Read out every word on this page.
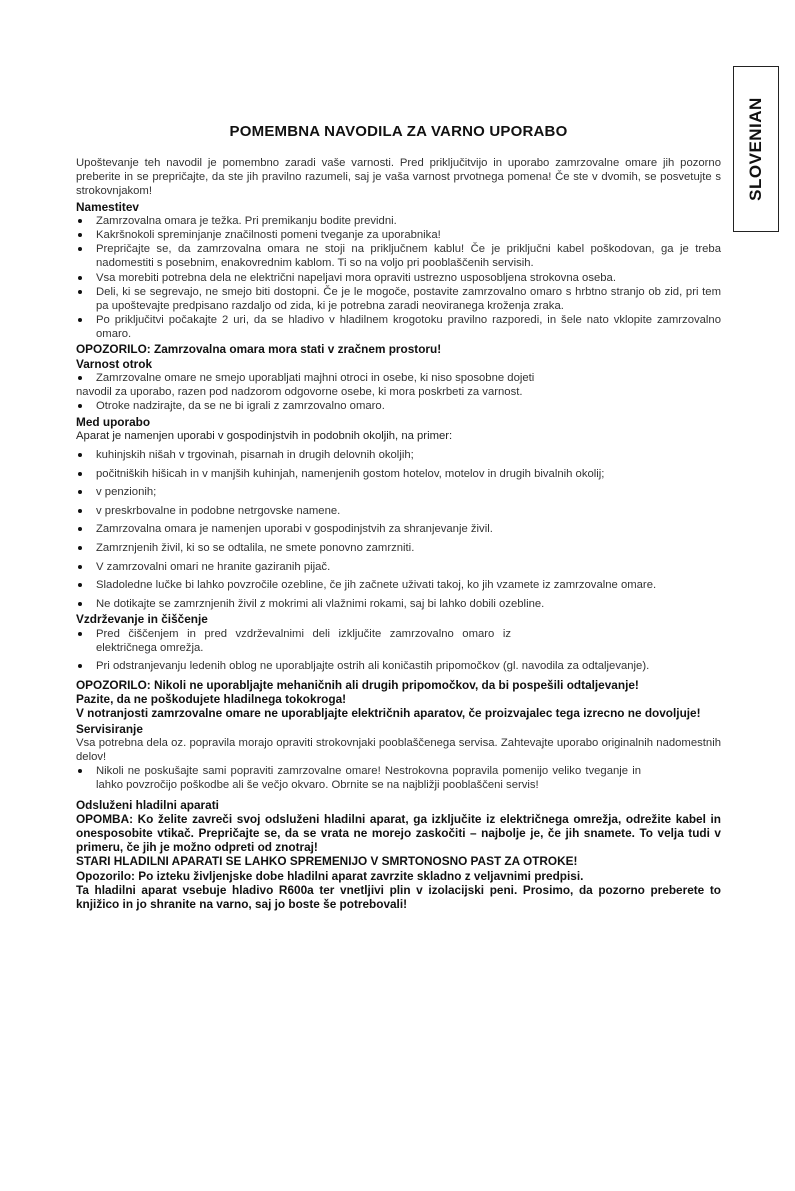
SLOVENIAN
POMEMBNA NAVODILA ZA VARNO UPORABO
Upoštevanje teh navodil je pomembno zaradi vaše varnosti. Pred priključitvijo in uporabo zamrzovalne omare jih pozorno preberite in se prepričajte, da ste jih pravilno razumeli, saj je vaša varnost prvotnega pomena! Če ste v dvomih, se posvetujte s strokovnjakom!
Namestitev
Zamrzovalna omara je težka. Pri premikanju bodite previdni.
Kakršnokoli spreminjanje značilnosti pomeni tveganje za uporabnika!
Prepričajte se, da zamrzovalna omara ne stoji na priključnem kablu! Če je priključni kabel poškodovan, ga je treba nadomestiti s posebnim, enakovrednim kablom. Ti so na voljo pri pooblaščenih servisih.
Vsa morebiti potrebna dela ne električni napeljavi mora opraviti ustrezno usposobljena strokovna oseba.
Deli, ki se segrevajo, ne smejo biti dostopni. Če je le mogoče, postavite zamrzovalno omaro s hrbtno stranjo ob zid, pri tem pa upoštevajte predpisano razdaljo od zida, ki je potrebna zaradi neoviranega kroženja zraka.
Po priključitvi počakajte 2 uri, da se hladivo v hladilnem krogotoku pravilno razporedi, in šele nato vklopite zamrzovalno omaro.
OPOZORILO: Zamrzovalna omara mora stati v zračnem prostoru!
Varnost otrok
Zamrzovalne omare ne smejo uporabljati majhni otroci in osebe, ki niso sposobne dojeti
navodil za uporabo, razen pod nadzorom odgovorne osebe, ki mora poskrbeti za varnost.
Otroke nadzirajte, da se ne bi igrali z zamrzovalno omaro.
Med uporabo
Aparat je namenjen uporabi v gospodinjstvih in podobnih okoljih, na primer:
kuhinjskih nišah v trgovinah, pisarnah in drugih delovnih okoljih;
počitniških hišicah in v manjših kuhinjah, namenjenih gostom hotelov, motelov in drugih bivalnih okolij;
v penzionih;
v preskrbovalne in podobne netrgovske namene.
Zamrzovalna omara je namenjen uporabi v gospodinjstvih za shranjevanje živil.
Zamrznjenih živil, ki so se odtalila, ne smete ponovno zamrzniti.
V zamrzovalni omari ne hranite gaziranih pijač.
Sladoledne lučke bi lahko povzročile ozebline, če jih začnete uživati takoj, ko jih vzamete iz zamrzovalne omare.
Ne dotikajte se zamrznjenih živil z mokrimi ali vlažnimi rokami, saj bi lahko dobili ozebline.
Vzdrževanje in čiščenje
Pred čiščenjem in pred vzdrževalnimi deli izključite zamrzovalno omaro iz električnega omrežja.
Pri odstranjevanju ledenih oblog ne uporabljajte ostrih ali koničastih pripomočkov (gl. navodila za odtaljevanje).
OPOZORILO: Nikoli ne uporabljajte mehaničnih ali drugih pripomočkov, da bi pospešili odtaljevanje!
Pazite, da ne poškodujete hladilnega tokokroga!
V notranjosti zamrzovalne omare ne uporabljajte električnih aparatov, če proizvajalec tega izrecno ne dovoljuje!
Servisiranje
Vsa potrebna dela oz. popravila morajo opraviti strokovnjaki pooblaščenega servisa. Zahtevajte uporabo originalnih nadomestnih delov!
Nikoli ne poskušajte sami popraviti zamrzovalne omare! Nestrokovna popravila pomenijo veliko tveganje in lahko povzročijo poškodbe ali še večjo okvaro. Obrnite se na najbližji pooblaščeni servis!
Odsluženi hladilni aparati
OPOMBA: Ko želite zavreči svoj odsluženi hladilni aparat, ga izključite iz električnega omrežja, odrežite kabel in onesposobite vtikač. Prepričajte se, da se vrata ne morejo zaskočiti – najbolje je, če jih snamete. To velja tudi v primeru, če jih je možno odpreti od znotraj!
STARI HLADILNI APARATI SE LAHKO SPREMENIJO V SMRTONOSNO PAST ZA OTROKE!
Opozorilo: Po izteku življenjske dobe hladilni aparat zavrzite skladno z veljavnimi predpisi.
Ta hladilni aparat vsebuje hladivo R600a ter vnetljivi plin v izolacijski peni. Prosimo, da pozorno preberete to knjižico in jo shranite na varno, saj jo boste še potrebovali!
